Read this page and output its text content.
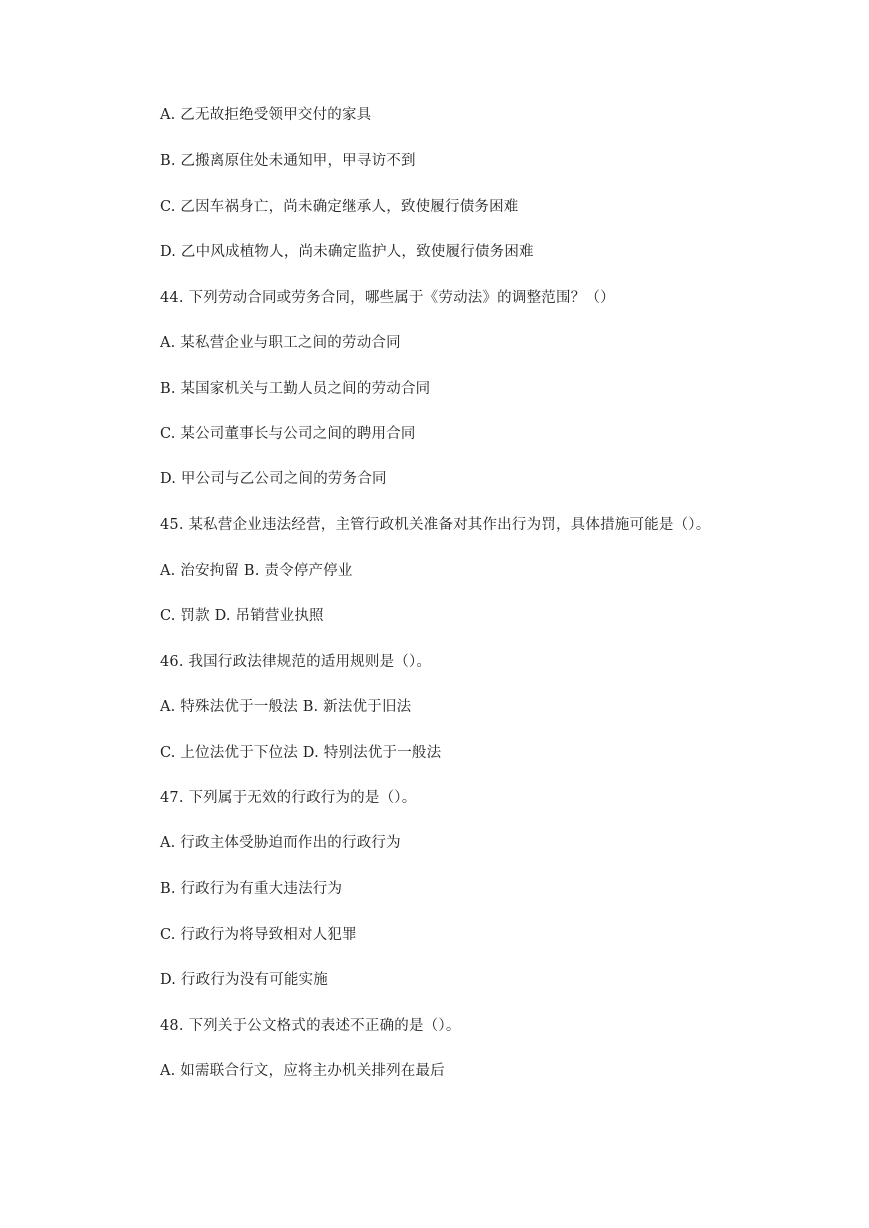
A. 乙无故拒绝受领甲交付的家具
B. 乙搬离原住处未通知甲，甲寻访不到
C. 乙因车祸身亡，尚未确定继承人，致使履行债务困难
D. 乙中风成植物人，尚未确定监护人，致使履行债务困难
44. 下列劳动合同或劳务合同，哪些属于《劳动法》的调整范围？（）
A. 某私营企业与职工之间的劳动合同
B. 某国家机关与工勤人员之间的劳动合同
C. 某公司董事长与公司之间的聘用合同
D. 甲公司与乙公司之间的劳务合同
45. 某私营企业违法经营，主管行政机关准备对其作出行为罚，具体措施可能是（）。
A. 治安拘留 B. 责令停产停业
C. 罚款 D. 吊销营业执照
46. 我国行政法律规范的适用规则是（）。
A. 特殊法优于一般法 B. 新法优于旧法
C. 上位法优于下位法 D. 特别法优于一般法
47. 下列属于无效的行政行为的是（）。
A. 行政主体受胁迫而作出的行政行为
B. 行政行为有重大违法行为
C. 行政行为将导致相对人犯罪
D. 行政行为没有可能实施
48. 下列关于公文格式的表述不正确的是（）。
A. 如需联合行文，应将主办机关排列在最后
